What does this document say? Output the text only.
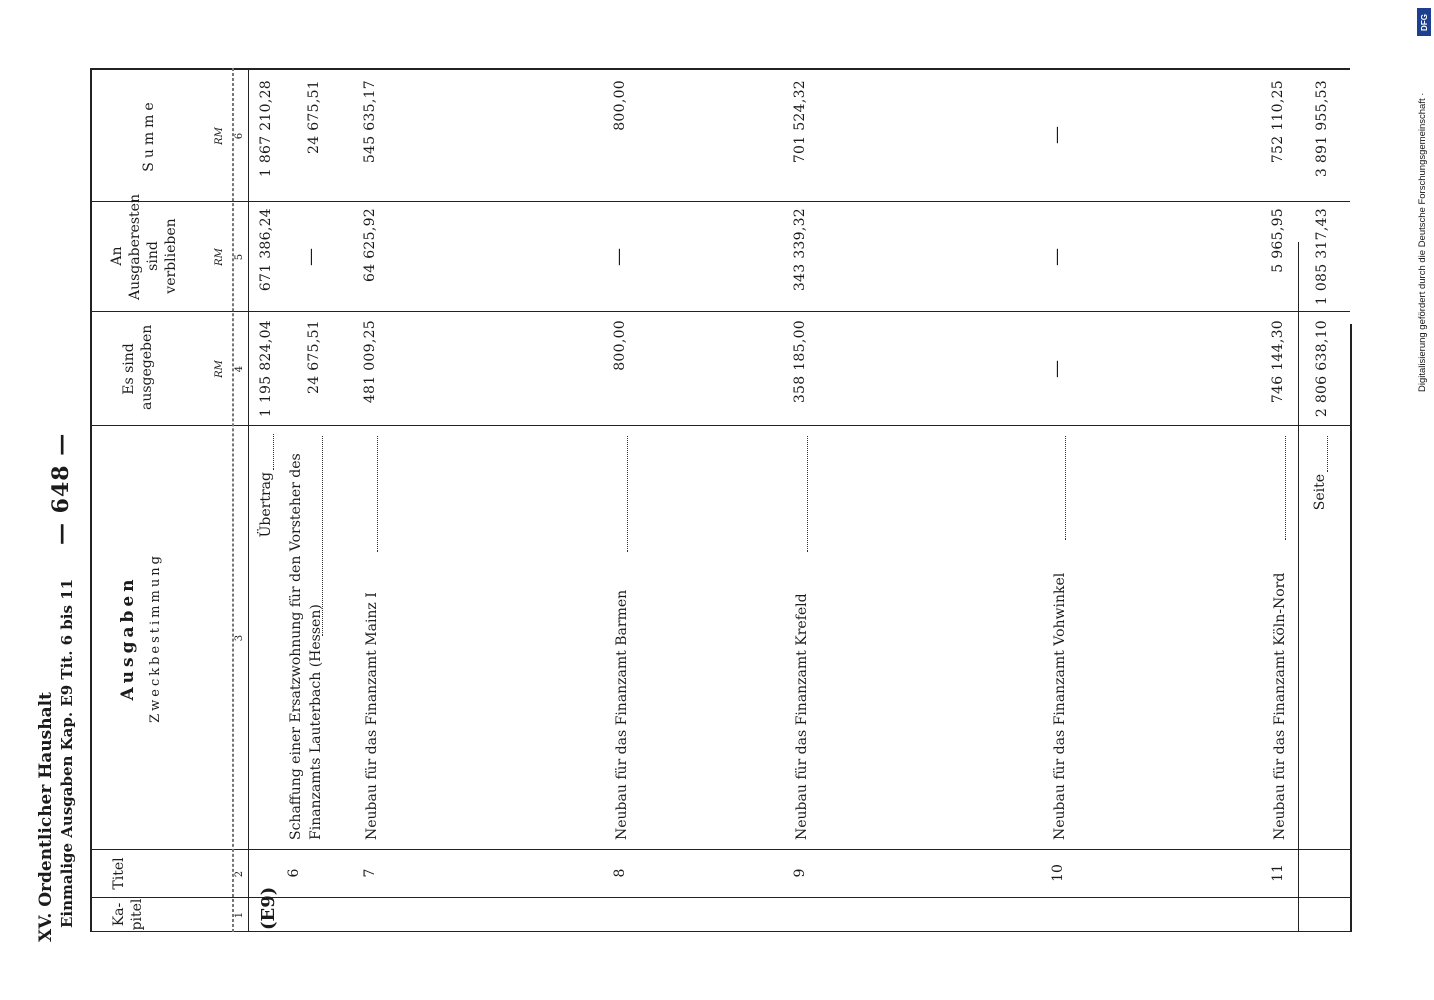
XV. Ordentlicher Haushalt Einmalige Ausgaben Kap. E9 Tit. 6 bis 11
— 648 —
Ka-pitel
Titel
Ausgaben Zweckbestimmung
Es sind ausgegeben
An Ausgaberesten sind verblieben
Summe
RM
RM
RM
1
2
3
4
5
6
(E9)
Übertrag
1 195 824,04
671 386,24
1 867 210,28
6
Schaffung einer Ersatzwohnung für den Vorsteher des Finanzamts Lauterbach (Hessen)
24 675,51
—
24 675,51
7
Neubau für das Finanzamt Mainz I
481 009,25
64 625,92
545 635,17
8
Neubau für das Finanzamt Barmen
800,00
—
800,00
9
Neubau für das Finanzamt Krefeld
358 185,00
343 339,32
701 524,32
10
Neubau für das Finanzamt Vohwinkel
—
—
—
11
Neubau für das Finanzamt Köln-Nord
746 144,30
5 965,95
752 110,25
Seite
2 806 638,10
1 085 317,43
3 891 955,53
DFG
Digitalisierung gefördert durch die Deutsche Forschungsgemeinschaft ·
